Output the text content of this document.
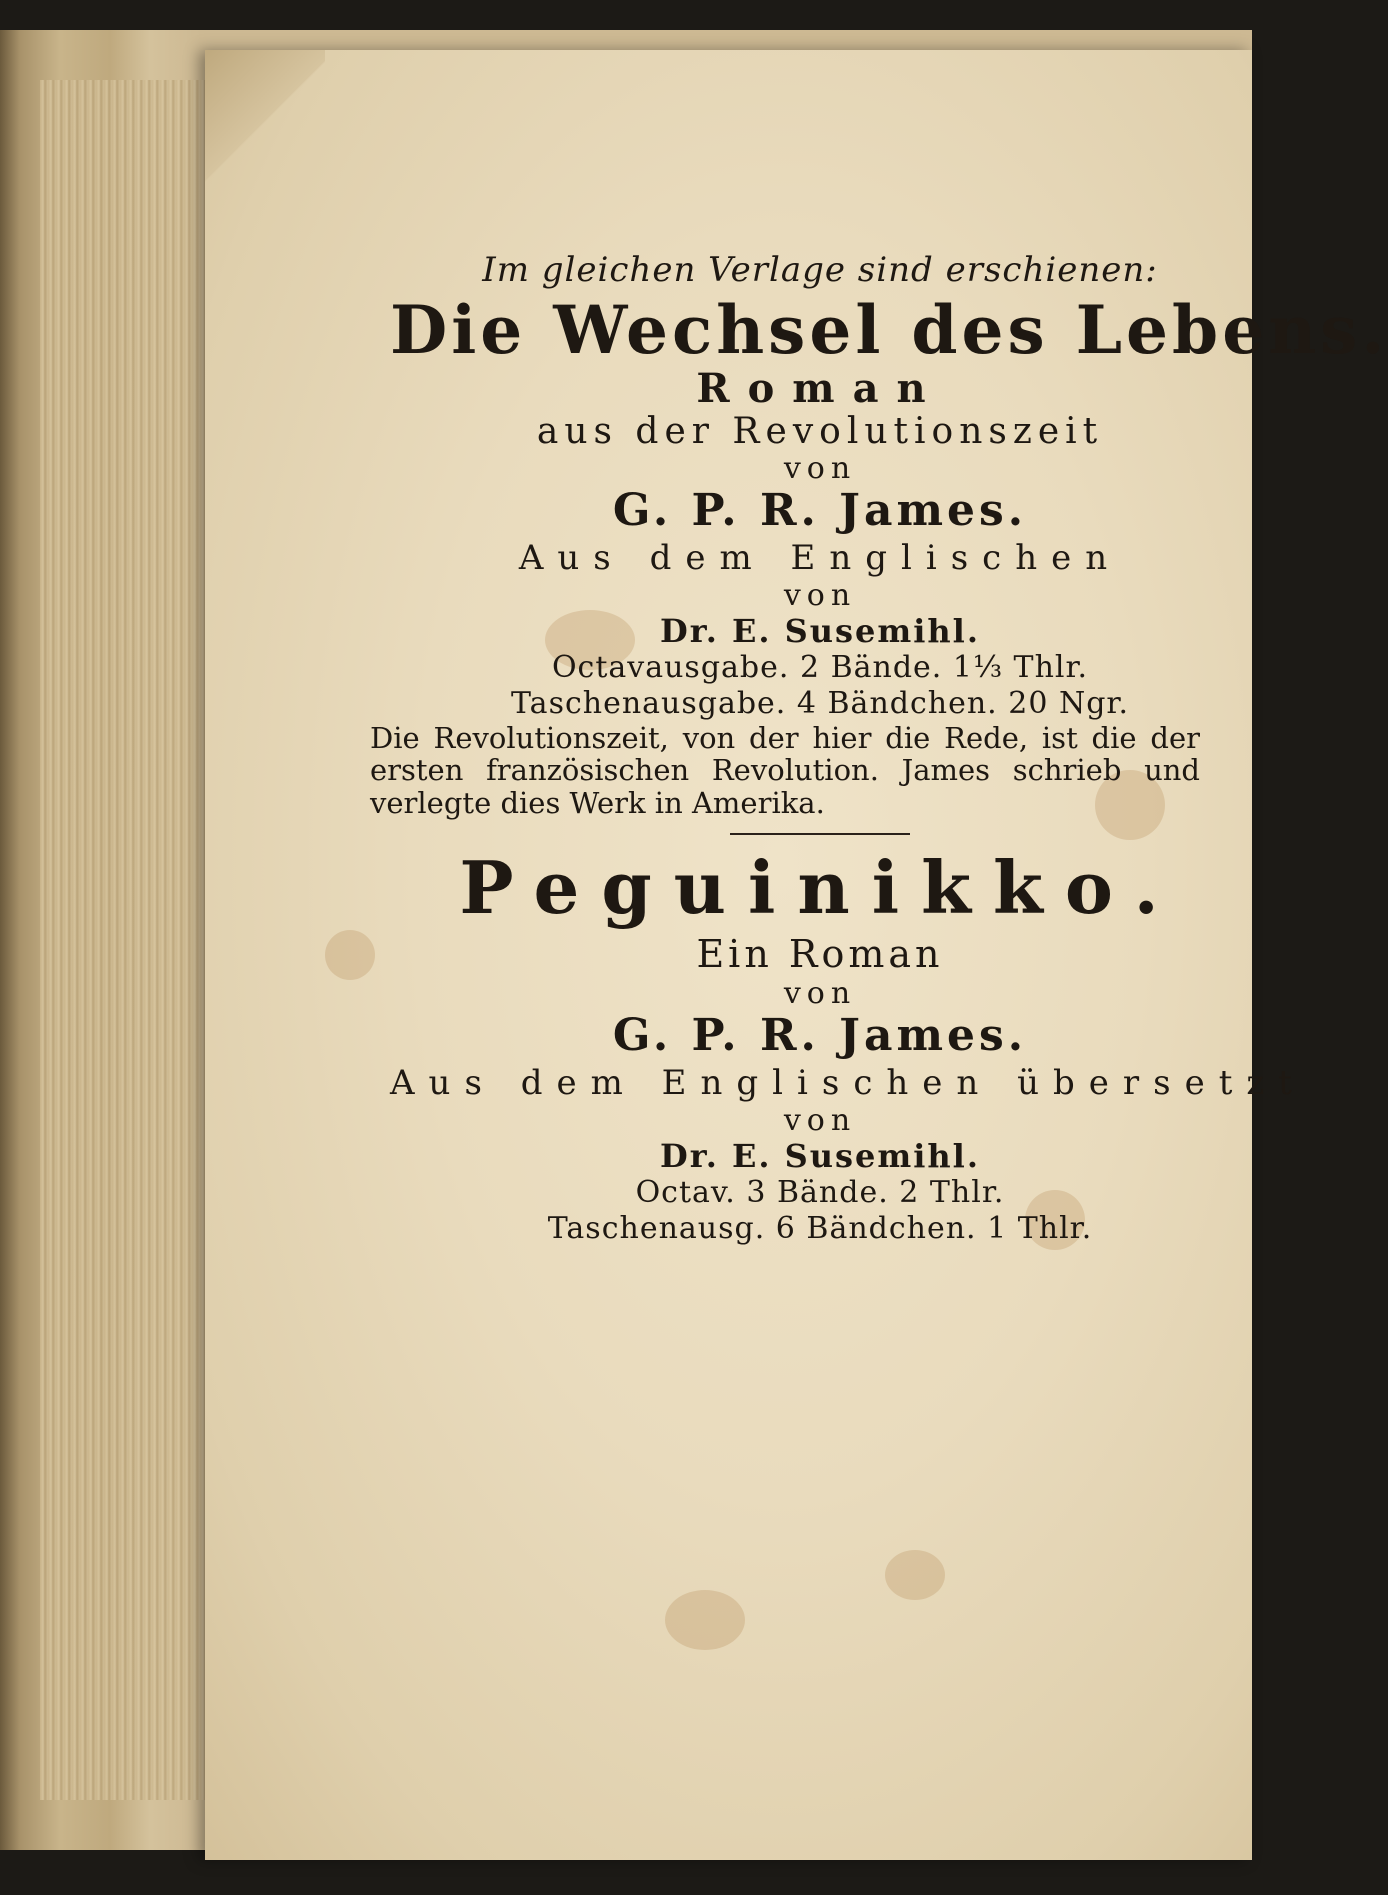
Im gleichen Verlage sind erschienen:
Die Wechsel des Lebens.
Roman
aus der Revolutionszeit
von
G. P. R. James.
Aus dem Englischen
von
Dr. E. Susemihl.
Octavausgabe. 2 Bände. 1⅓ Thlr.
Taschenausgabe. 4 Bändchen. 20 Ngr.
Die Revolutionszeit, von der hier die Rede, ist die der ersten französischen Revolution. James schrieb und verlegte dies Werk in Amerika.
Peguinikko.
Ein Roman
von
G. P. R. James.
Aus dem Englischen übersetzt
von
Dr. E. Susemihl.
Octav. 3 Bände. 2 Thlr.
Taschenausg. 6 Bändchen. 1 Thlr.
